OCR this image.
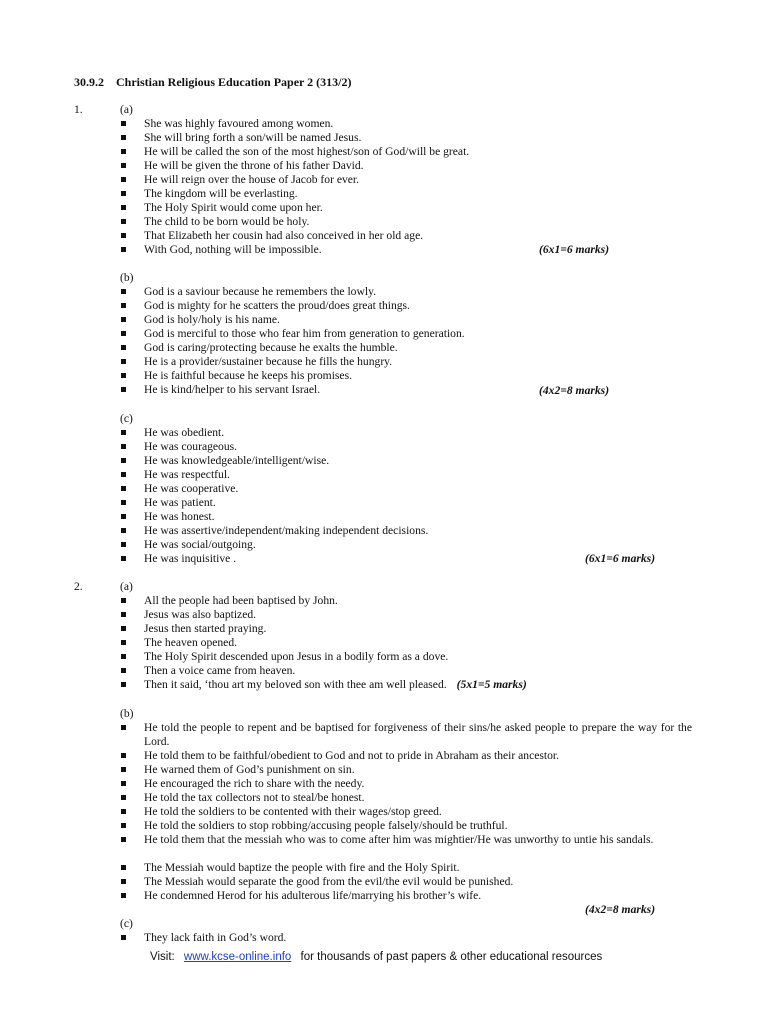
30.9.2    Christian Religious Education Paper 2 (313/2)
1.	(a)
She was highly favoured among women.
She will bring forth a son/will be named Jesus.
He will be called the son of the most highest/son of God/will be great.
He will be given the throne of his father David.
He will reign over the house of Jacob for ever.
The kingdom will be everlasting.
The Holy Spirit would come upon her.
The child to be born would be holy.
That Elizabeth her cousin had also conceived in her old age.
With God, nothing will be impossible.	(6x1=6 marks)
(b)
God is a saviour because he remembers the lowly.
God is mighty for he scatters the proud/does great things.
God is holy/holy is his name.
God is merciful to those who fear him from generation to generation.
God is caring/protecting because he exalts the humble.
He is a provider/sustainer because he fills the hungry.
He is faithful because he keeps his promises.
He is kind/helper to his servant Israel.	(4x2=8 marks)
(c)
He was obedient.
He was courageous.
He was knowledgeable/intelligent/wise.
He was respectful.
He was cooperative.
He was patient.
He was honest.
He was assertive/independent/making independent decisions.
He was social/outgoing.
He was inquisitive .	(6x1=6 marks)
2.	(a)
All the people had been baptised by John.
Jesus was also baptized.
Jesus then started praying.
The heaven opened.
The Holy Spirit descended upon Jesus in a bodily form as a dove.
Then a voice came from heaven.
Then it said, ‘thou art my beloved son with thee am well pleased. (5x1=5 marks)
(b)
He told the people to repent and be baptised for forgiveness of their sins/he asked people to prepare the way for the Lord.
He told them to be faithful/obedient to God and not to pride in Abraham as their ancestor.
He warned them of God’s punishment on sin.
He encouraged the rich to share with the needy.
He told the tax collectors not to steal/be honest.
He told the soldiers to be contented with their wages/stop greed.
He told the soldiers to stop robbing/accusing people falsely/should be truthful.
He told them that the messiah who was to come after him was mightier/He was unworthy to untie his sandals.
The Messiah would baptize the people with fire and the Holy Spirit.
The Messiah would separate the good from the evil/the evil would be punished.
He condemned Herod for his adulterous life/marrying his brother’s wife.
(4x2=8 marks)
(c)
They lack faith in God’s word.
Visit: www.kcse-online.info for thousands of past papers & other educational resources
